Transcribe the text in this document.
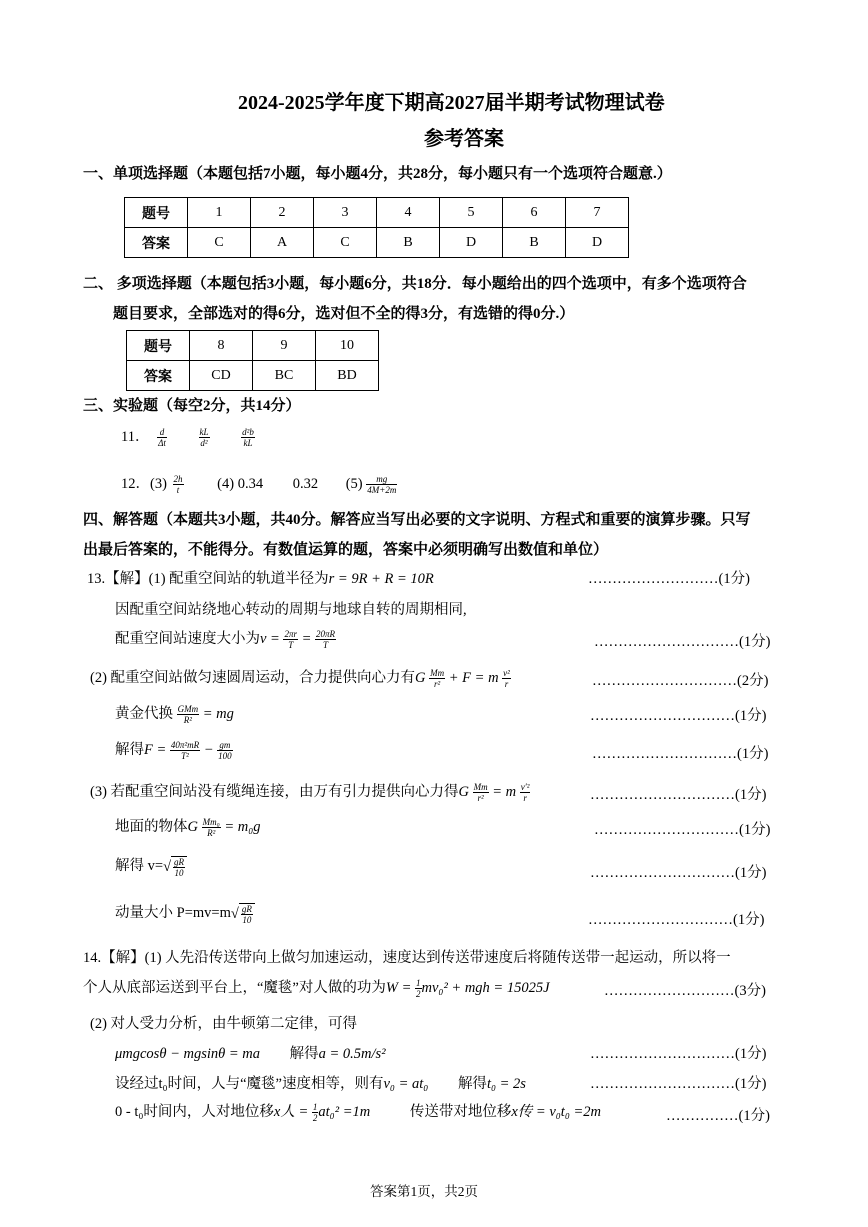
2024-2025学年度下期高2027届半期考试物理试卷
参考答案
一、单项选择题（本题包括7小题，每小题4分，共28分，每小题只有一个选项符合题意.）
题号	1	2	3	4	5	6	7
答案	C	A	C	B	D	B	D
二、 多项选择题（本题包括3小题，每小题6分，共18分．每小题给出的四个选项中，有多个选项符合
题目要求，全部选对的得6分，选对但不全的得3分，有选错的得0分.）
题号	8	9	10
答案	CD	BC	BD
三、实验题（每空2分，共14分）
11． $\frac{d}{\Delta t}$
	$\frac{kL}{\text{d²}}$
	$\frac{\text{d²b}}{kL}$
12．$(3) \frac{2h}{t} (4)$ 0.34 0.32 $(5) \frac{mg}{4M+2m}$
四、解答题（本题共3小题，共40分。解答应当写出必要的文字说明、方程式和重要的演算步骤。只写
出最后答案的，不能得分。有数值运算的题，答案中必须明确写出数值和单位）
13.【解】(1) 配重空间站的轨道半径为r = 9R + R = 10R	………………………(1分)
因配重空间站绕地心转动的周期与地球自转的周期相同,
配重空间站速度大小为$v = \frac{2\pi r}{T} = \frac{20\pi R}{T}$	…………………………(1分)
(2) 配重空间站做匀速圆周运动，合力提供向心力有G $\frac{Mm}{\text{r²}} + F = m \frac{\text{v²}}{r}$	…………………………(2分)
黄金代换 $\frac{\text{GMm}}{\text{R²}}$ = mg	…………………………(1分)
解得$F = \frac{\text{40π²mR}}{\text{T²}} - \frac{gm}{100}$	…………………………(1分)
(3) 若配重空间站没有缆绳连接，由万有引力提供向心力得G $\frac{Mm}{\text{r²}} = m \frac{\text{v′²}}{r}$	…………………………(1分)
地面的物体G $\frac{\text{Mm₀}}{\text{R²}} = m_0g$	…………………………(1分)
解得 $v=√ \frac{gR}{10}$	…………………………(1分)
动量大小 $P=mv=m√ \frac{gR}{10}$	…………………………(1分)
14.【解】(1) 人先沿传送带向上做匀加速运动，速度达到传送带速度后将随传送带一起运动，所以将一
个人从底部运送到平台上，“魔毯”对人做的功为$W = \frac{1}{2} mv_0^2$ + mgh = 15025J	………………………(3分)
(2) 对人受力分析，由牛顿第二定律，可得
μmgcosθ − mgsinθ = ma 解得a = 0.5m/s²	…………………………(1分)
设经过t₀时间，人与“魔毯”速度相等，则有v₀ = at₀ 解得t₀ = 2s	…………………………(1分)
0 - t₀时间内，人对地位移x人 = $\frac{1}{2} at_0^2 =1m$	传送带对地位移x传 = v₀t₀ =2m	……………(1分)
答案第1页，共2页
